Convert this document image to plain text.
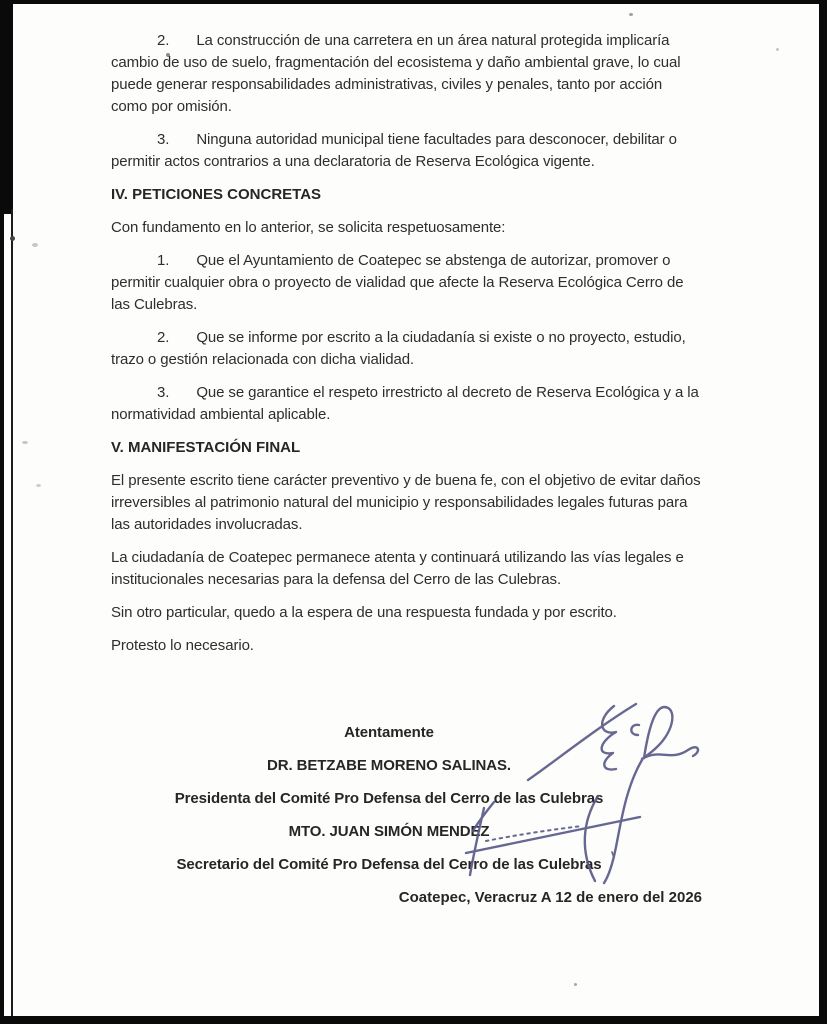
2. La construcción de una carretera en un área natural protegida implicaría cambio de uso de suelo, fragmentación del ecosistema y daño ambiental grave, lo cual puede generar responsabilidades administrativas, civiles y penales, tanto por acción como por omisión.

3. Ninguna autoridad municipal tiene facultades para desconocer, debilitar o permitir actos contrarios a una declaratoria de Reserva Ecológica vigente.

IV. PETICIONES CONCRETAS

Con fundamento en lo anterior, se solicita respetuosamente:

1. Que el Ayuntamiento de Coatepec se abstenga de autorizar, promover o permitir cualquier obra o proyecto de vialidad que afecte la Reserva Ecológica Cerro de las Culebras.

2. Que se informe por escrito a la ciudadanía si existe o no proyecto, estudio, trazo o gestión relacionada con dicha vialidad.

3. Que se garantice el respeto irrestricto al decreto de Reserva Ecológica y a la normatividad ambiental aplicable.

V. MANIFESTACIÓN FINAL

El presente escrito tiene carácter preventivo y de buena fe, con el objetivo de evitar daños irreversibles al patrimonio natural del municipio y responsabilidades legales futuras para las autoridades involucradas.

La ciudadanía de Coatepec permanece atenta y continuará utilizando las vías legales e institucionales necesarias para la defensa del Cerro de las Culebras.

Sin otro particular, quedo a la espera de una respuesta fundada y por escrito.

Protesto lo necesario.

Atentamente
DR. BETZABE MORENO SALINAS.
Presidenta del Comité Pro Defensa del Cerro de las Culebras
MTO. JUAN SIMÓN MENDEZ
Secretario del Comité Pro Defensa del Cerro de las Culebras

Coatepec, Veracruz A 12 de enero del 2026
